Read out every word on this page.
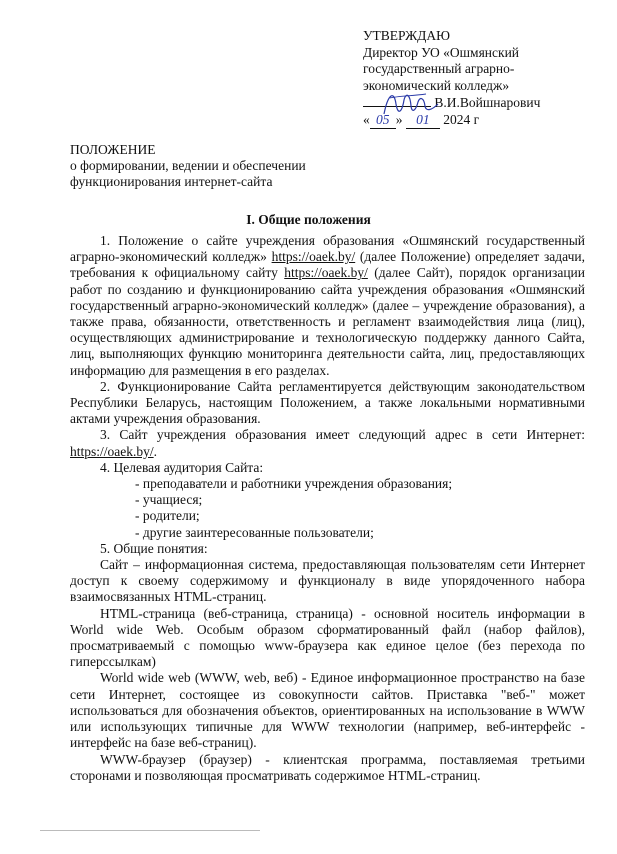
УТВЕРЖДАЮ
Директор УО «Ошмянский
государственный аграрно-
экономический колледж»
В.И.Войшнарович
« 05 » 01 2024 г
ПОЛОЖЕНИЕ
о формировании, ведении и обеспечении
функционирования интернет-сайта
I. Общие положения

1. Положение о сайте учреждения образования «Ошмянский государственный аграрно-экономический колледж» https://oaek.by/ (далее Положение) определяет задачи, требования к официальному сайту https://oaek.by/ (далее Сайт), порядок организации работ по созданию и функционированию сайта учреждения образования «Ошмянский государственный аграрно-экономический колледж» (далее – учреждение образования), а также права, обязанности, ответственность и регламент взаимодействия лица (лиц), осуществляющих администрирование и технологическую поддержку данного Сайта, лиц, выполняющих функцию мониторинга деятельности сайта, лиц, предоставляющих информацию для размещения в его разделах.

2. Функционирование Сайта регламентируется действующим законодательством Республики Беларусь, настоящим Положением, а также локальными нормативными актами учреждения образования.

3. Сайт учреждения образования имеет следующий адрес в сети Интернет: https://oaek.by/.

4. Целевая аудитория Сайта:

- преподаватели и работники учреждения образования;
- учащиеся;
- родители;
- другие заинтересованные пользователи;

5. Общие понятия:

Сайт – информационная система, предоставляющая пользователям сети Интернет доступ к своему содержимому и функционалу в виде упорядоченного набора взаимосвязанных HTML-страниц.

HTML-страница (веб-страница, страница) - основной носитель информации в World wide Web. Особым образом сформатированный файл (набор файлов), просматриваемый с помощью www-браузера как единое целое (без перехода по гиперссылкам)

World wide web (WWW, web, веб) - Единое информационное пространство на базе сети Интернет, состоящее из совокупности сайтов. Приставка "веб-" может использоваться для обозначения объектов, ориентированных на использование в WWW или использующих типичные для WWW технологии (например, веб-интерфейс - интерфейс на базе веб-страниц).

WWW-браузер (браузер) - клиентская программа, поставляемая третьими сторонами и позволяющая просматривать содержимое HTML-страниц.
